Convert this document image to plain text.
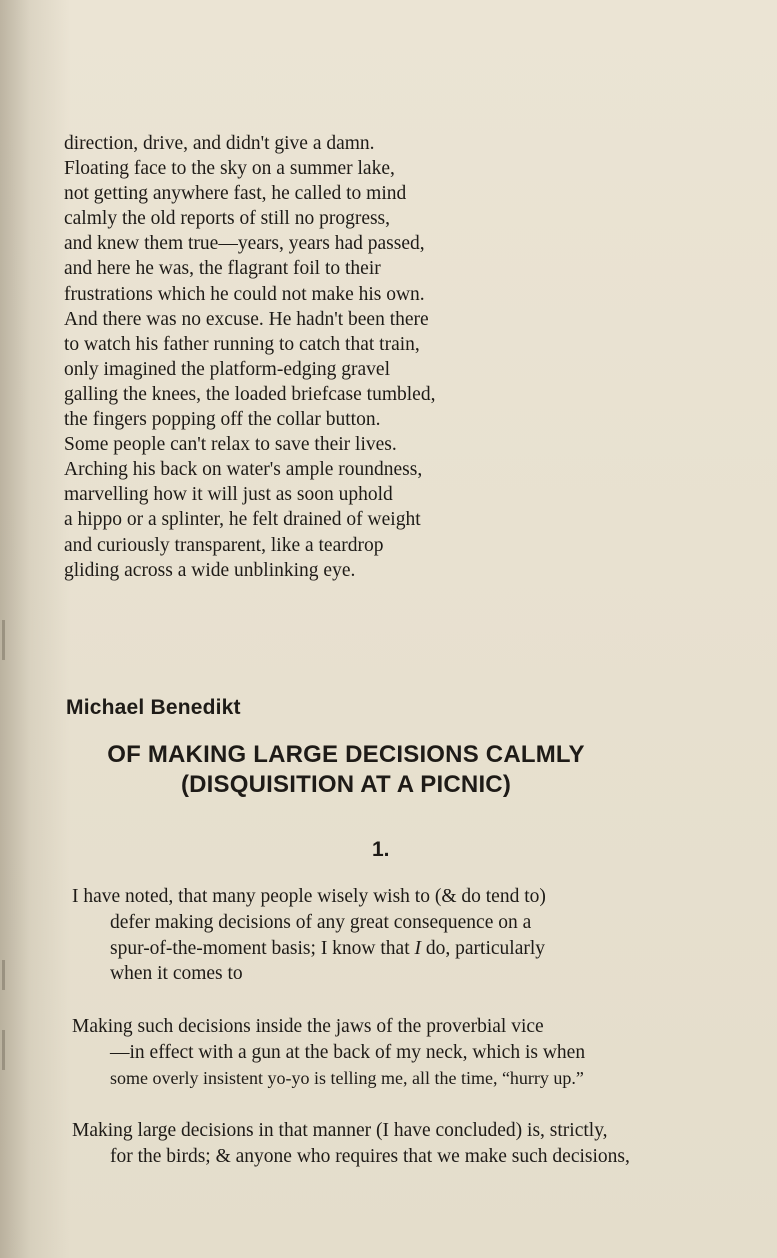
direction, drive, and didn't give a damn.
Floating face to the sky on a summer lake,
not getting anywhere fast, he called to mind
calmly the old reports of still no progress,
and knew them true—years, years had passed,
and here he was, the flagrant foil to their
frustrations which he could not make his own.
And there was no excuse. He hadn't been there
to watch his father running to catch that train,
only imagined the platform-edging gravel
galling the knees, the loaded briefcase tumbled,
the fingers popping off the collar button.
Some people can't relax to save their lives.
Arching his back on water's ample roundness,
marvelling how it will just as soon uphold
a hippo or a splinter, he felt drained of weight
and curiously transparent, like a teardrop
gliding across a wide unblinking eye.
Michael Benedikt
OF MAKING LARGE DECISIONS CALMLY
(DISQUISITION AT A PICNIC)
1.
I have noted, that many people wisely wish to (& do tend to)
defer making decisions of any great consequence on a
spur-of-the-moment basis; I know that I do, particularly
when it comes to
Making such decisions inside the jaws of the proverbial vice
—in effect with a gun at the back of my neck, which is when
some overly insistent yo-yo is telling me, all the time, “hurry up.”
Making large decisions in that manner (I have concluded) is, strictly,
for the birds; & anyone who requires that we make such decisions,
